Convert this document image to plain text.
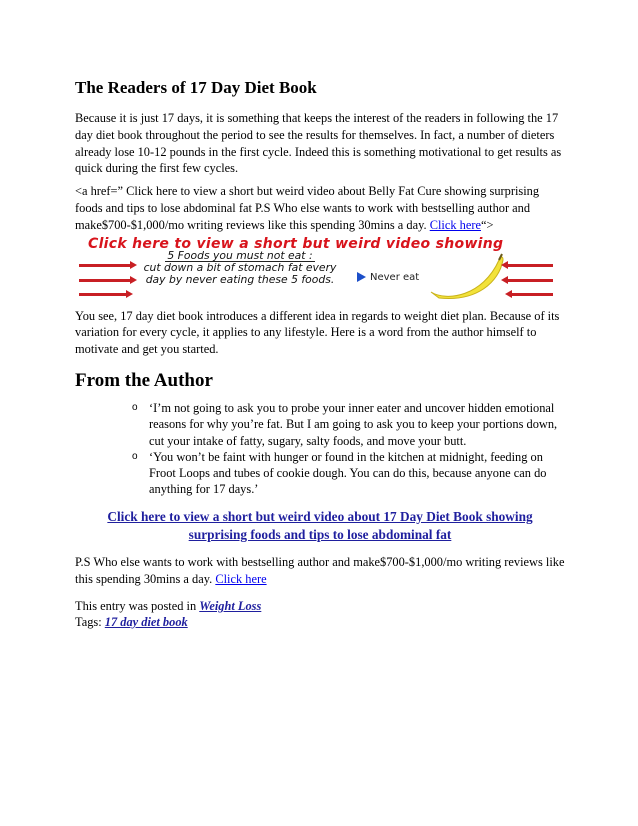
The Readers of 17 Day Diet Book

Because it is just 17 days, it is something that keeps the interest of the readers in following the 17 day diet book throughout the period to see the results for themselves. In fact, a number of dieters already lose 10-12 pounds in the first cycle. Indeed this is something motivational to get results as quick during the first few cycles.

<a href=” Click here to view a short but weird video about Belly Fat Cure showing surprising foods and tips to lose abdominal fat P.S Who else wants to work with bestselling author and make$700-$1,000/mo writing reviews like this spending 30mins a day. Click here“>

Click here to view a short but weird video showing
5 Foods you must not eat :
cut down a bit of stomach fat every
day by never eating these 5 foods.	Never eat

You see, 17 day diet book introduces a different idea in regards to weight diet plan. Because of its variation for every cycle, it applies to any lifestyle. Here is a word from the author himself to motivate and get you started.

From the Author
o ‘I’m not going to ask you to probe your inner eater and uncover hidden emotional reasons for why you’re fat. But I am going to ask you to keep your portions down, cut your intake of fatty, sugary, salty foods, and move your butt.
o ‘You won’t be faint with hunger or found in the kitchen at midnight, feeding on Froot Loops and tubes of cookie dough. You can do this, because anyone can do anything for 17 days.’
Click here to view a short but weird video about 17 Day Diet Book showing
surprising foods and tips to lose abdominal fat

P.S Who else wants to work with bestselling author and make$700-$1,000/mo writing reviews like this spending 30mins a day. Click here

This entry was posted in Weight Loss

Tags: 17 day diet book
